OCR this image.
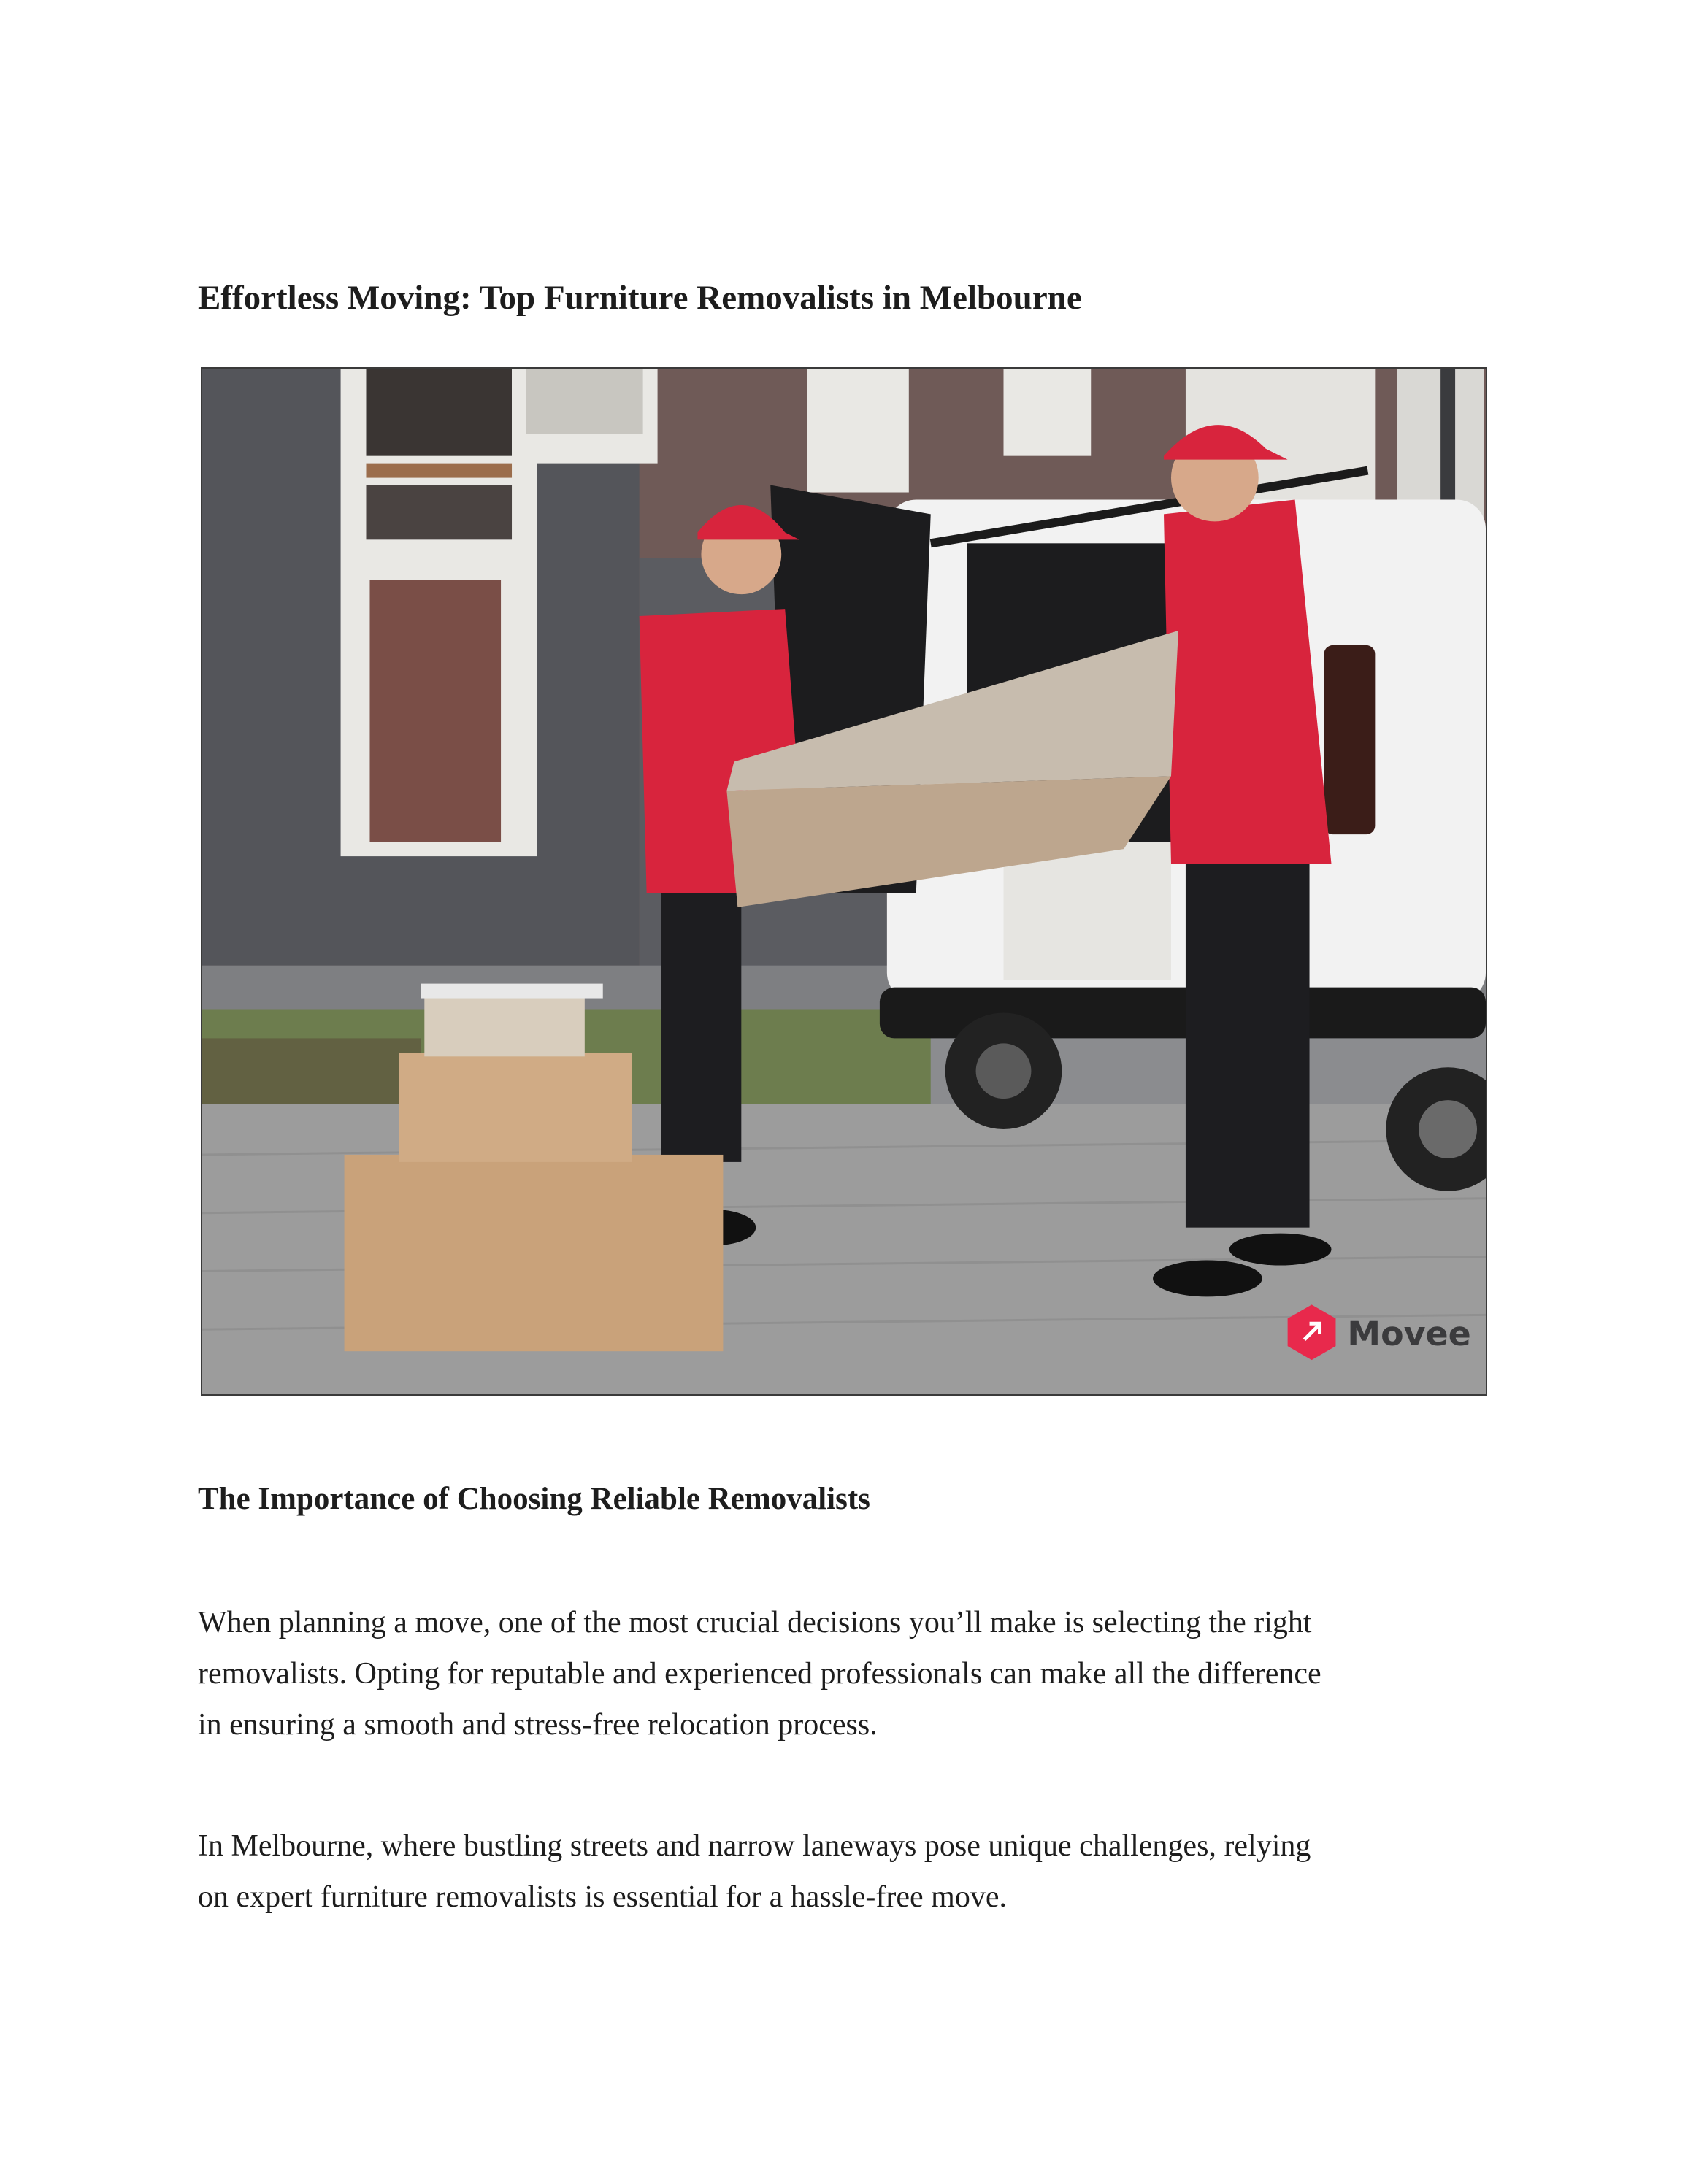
Effortless Moving: Top Furniture Removalists in Melbourne
Movee
The Importance of Choosing Reliable Removalists

When planning a move, one of the most crucial decisions you’ll make is selecting the right
removalists. Opting for reputable and experienced professionals can make all the difference
in ensuring a smooth and stress-free relocation process.

In Melbourne, where bustling streets and narrow laneways pose unique challenges, relying
on expert furniture removalists is essential for a hassle-free move.
